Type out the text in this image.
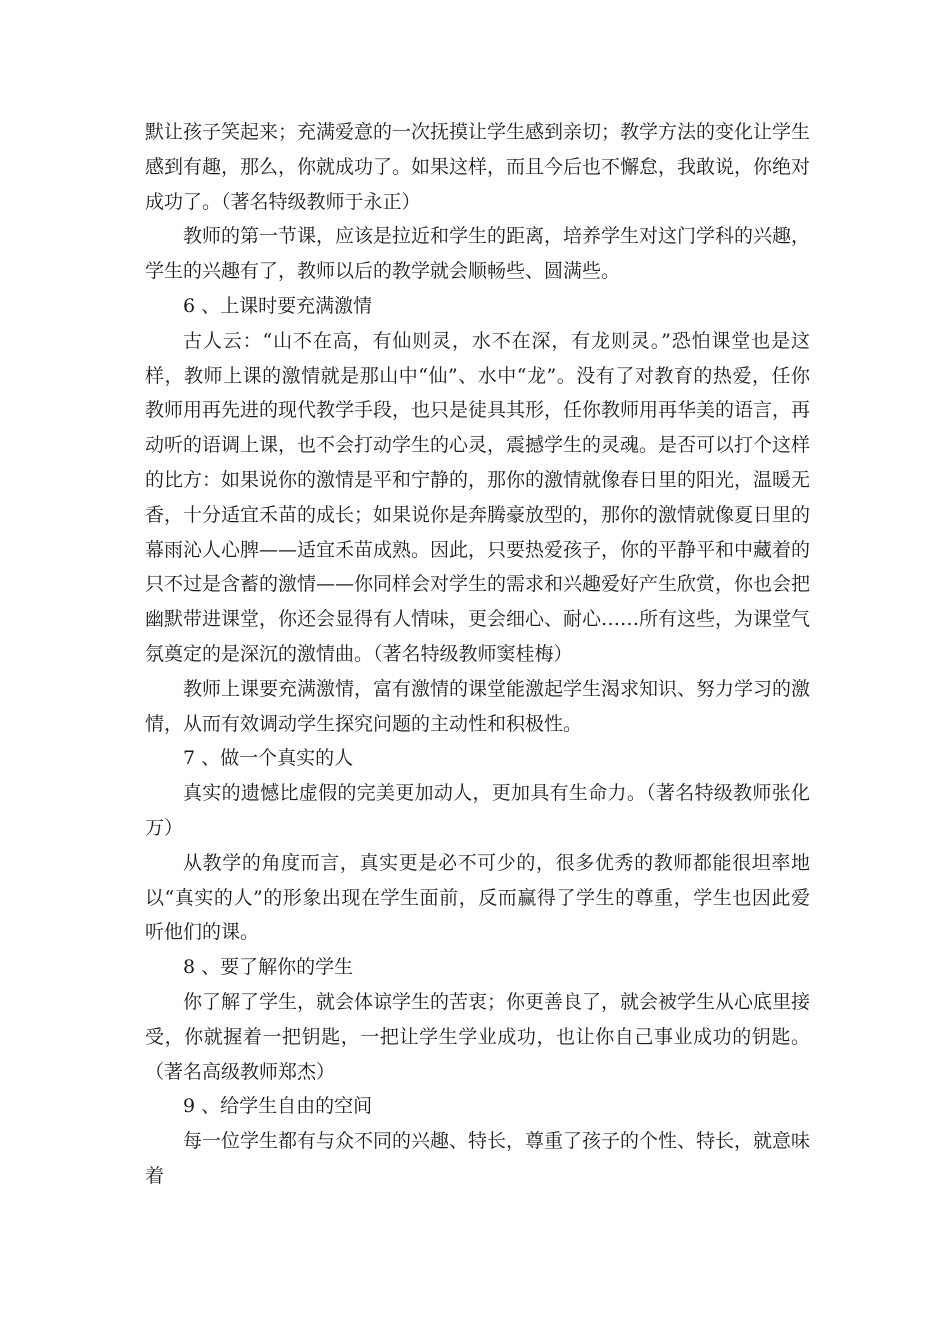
默让孩子笑起来；充满爱意的一次抚摸让学生感到亲切；教学方法的变化让学生感到有趣，那么，你就成功了。如果这样，而且今后也不懈怠，我敢说，你绝对成功了。（著名特级教师于永正）

教师的第一节课，应该是拉近和学生的距离，培养学生对这门学科的兴趣，学生的兴趣有了，教师以后的教学就会顺畅些、圆满些。

6 、上课时要充满激情

古人云：“山不在高，有仙则灵，水不在深，有龙则灵。”恐怕课堂也是这样，教师上课的激情就是那山中“仙”、水中“龙”。没有了对教育的热爱，任你教师用再先进的现代教学手段，也只是徒具其形，任你教师用再华美的语言，再动听的语调上课，也不会打动学生的心灵，震撼学生的灵魂。是否可以打个这样的比方：如果说你的激情是平和宁静的，那你的激情就像春日里的阳光，温暖无香，十分适宜禾苗的成长；如果说你是奔腾豪放型的，那你的激情就像夏日里的幕雨沁人心脾——适宜禾苗成熟。因此，只要热爱孩子，你的平静平和中藏着的只不过是含蓄的激情——你同样会对学生的需求和兴趣爱好产生欣赏，你也会把幽默带进课堂，你还会显得有人情味，更会细心、耐心……所有这些，为课堂气氛奠定的是深沉的激情曲。（著名特级教师窦桂梅）

教师上课要充满激情，富有激情的课堂能激起学生渴求知识、努力学习的激情，从而有效调动学生探究问题的主动性和积极性。

7 、做一个真实的人

真实的遗憾比虚假的完美更加动人，更加具有生命力。（著名特级教师张化万）

从教学的角度而言，真实更是必不可少的，很多优秀的教师都能很坦率地以“真实的人”的形象出现在学生面前，反而赢得了学生的尊重，学生也因此爱听他们的课。

8 、要了解你的学生

你了解了学生，就会体谅学生的苦衷；你更善良了，就会被学生从心底里接受，你就握着一把钥匙，一把让学生学业成功，也让你自己事业成功的钥匙。（著名高级教师郑杰）

9 、给学生自由的空间

每一位学生都有与众不同的兴趣、特长，尊重了孩子的个性、特长，就意味着
